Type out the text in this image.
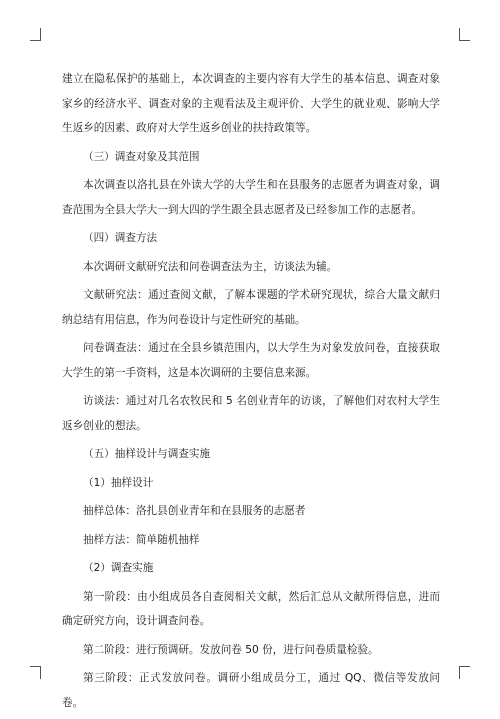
建立在隐私保护的基础上，本次调查的主要内容有大学生的基本信息、调查对象家乡的经济水平、调查对象的主观看法及主观评价、大学生的就业观、影响大学生返乡的因素、政府对大学生返乡创业的扶持政策等。

（三）调查对象及其范围

本次调查以洛扎县在外读大学的大学生和在县服务的志愿者为调查对象，调查范围为全县大学大一到大四的学生跟全县志愿者及已经参加工作的志愿者。

（四）调查方法

本次调研文献研究法和问卷调查法为主，访谈法为辅。

文献研究法：通过查阅文献，了解本课题的学术研究现状，综合大量文献归纳总结有用信息，作为问卷设计与定性研究的基础。

问卷调查法：通过在全县乡镇范围内，以大学生为对象发放问卷，直接获取大学生的第一手资料，这是本次调研的主要信息来源。

访谈法：通过对几名农牧民和 5 名创业青年的访谈，了解他们对农村大学生返乡创业的想法。

（五）抽样设计与调查实施

（1）抽样设计

抽样总体：洛扎县创业青年和在县服务的志愿者

抽样方法：简单随机抽样

（2）调查实施

第一阶段：由小组成员各自查阅相关文献，然后汇总从文献所得信息，进而确定研究方向，设计调查问卷。

第二阶段：进行预调研。发放问卷 50 份，进行问卷质量检验。

第三阶段：正式发放问卷。调研小组成员分工，通过 QQ、微信等发放问卷。
